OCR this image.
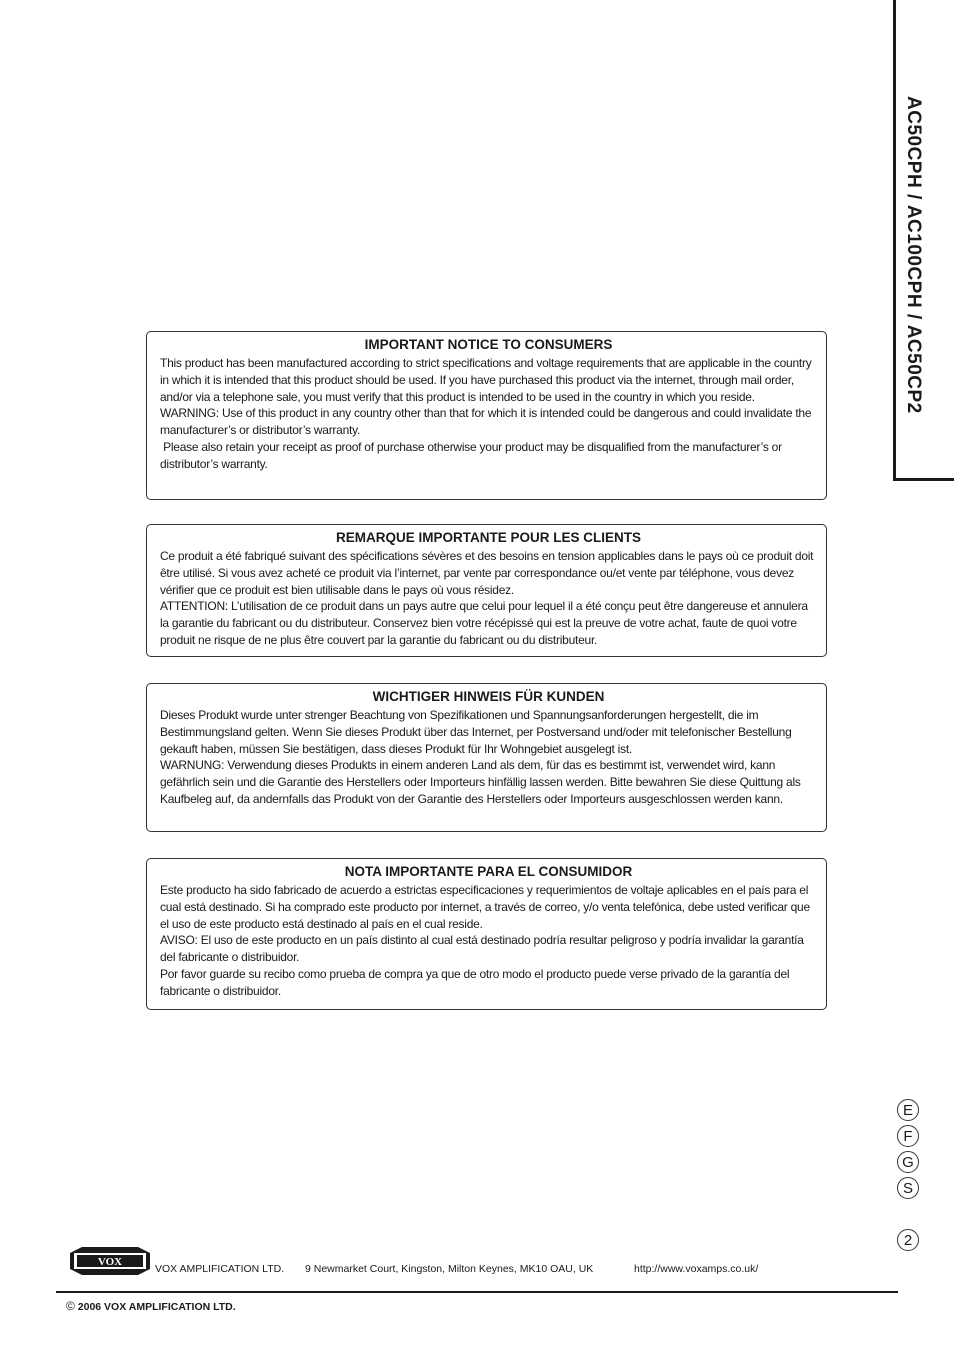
AC50CPH / AC100CPH / AC50CP2
IMPORTANT NOTICE TO CONSUMERS

This product has been manufactured according to strict specifications and voltage requirements that are applicable in the country in which it is intended that this product should be used. If you have purchased this product via the internet, through mail order, and/or via a telephone sale, you must verify that this product is intended to be used in the country in which you reside.

WARNING: Use of this product in any country other than that for which it is intended could be dangerous and could invalidate the manufacturer’s or distributor’s warranty.

Please also retain your receipt as proof of purchase otherwise your product may be disqualified from the manufacturer’s or distributor’s warranty.

REMARQUE IMPORTANTE POUR LES CLIENTS

Ce produit a été fabriqué suivant des spécifications sévères et des besoins en tension applicables dans le pays où ce produit doit être utilisé. Si vous avez acheté ce produit via l’internet, par vente par correspondance ou/et vente par téléphone, vous devez vérifier que ce produit est bien utilisable dans le pays où vous résidez.

ATTENTION: L’utilisation de ce produit dans un pays autre que celui pour lequel il a été conçu peut être dangereuse et annulera la garantie du fabricant ou du distributeur. Conservez bien votre récépissé qui est la preuve de votre achat, faute de quoi votre produit ne risque de ne plus être couvert par la garantie du fabricant ou du distributeur.

WICHTIGER HINWEIS FÜR KUNDEN

Dieses Produkt wurde unter strenger Beachtung von Spezifikationen und Spannungsanforderungen hergestellt, die im Bestimmungsland gelten. Wenn Sie dieses Produkt über das Internet, per Postversand und/oder mit telefonischer Bestellung gekauft haben, müssen Sie bestätigen, dass dieses Produkt für Ihr Wohngebiet ausgelegt ist.

WARNUNG: Verwendung dieses Produkts in einem anderen Land als dem, für das es bestimmt ist, verwendet wird, kann gefährlich sein und die Garantie des Herstellers oder Importeurs hinfällig lassen werden. Bitte bewahren Sie diese Quittung als Kaufbeleg auf, da andernfalls das Produkt von der Garantie des Herstellers oder Importeurs ausgeschlossen werden kann.

NOTA IMPORTANTE PARA EL CONSUMIDOR

Este producto ha sido fabricado de acuerdo a estrictas especificaciones y requerimientos de voltaje aplicables en el país para el cual está destinado. Si ha comprado este producto por internet, a través de correo, y/o venta telefónica, debe usted verificar que el uso de este producto está destinado al país en el cual reside.

AVISO: El uso de este producto en un país distinto al cual está destinado podría resultar peligroso y podría invalidar la garantía del fabricante o distribuidor.

Por favor guarde su recibo como prueba de compra ya que de otro modo el producto puede verse privado de la garantía del fabricante o distribuidor.

E
F
G
S
2
VOX
VOX AMPLIFICATION LTD. 9 Newmarket Court, Kingston, Milton Keynes, MK10 OAU, UK	http://www.voxamps.co.uk/
© 2006 VOX AMPLIFICATION LTD.
